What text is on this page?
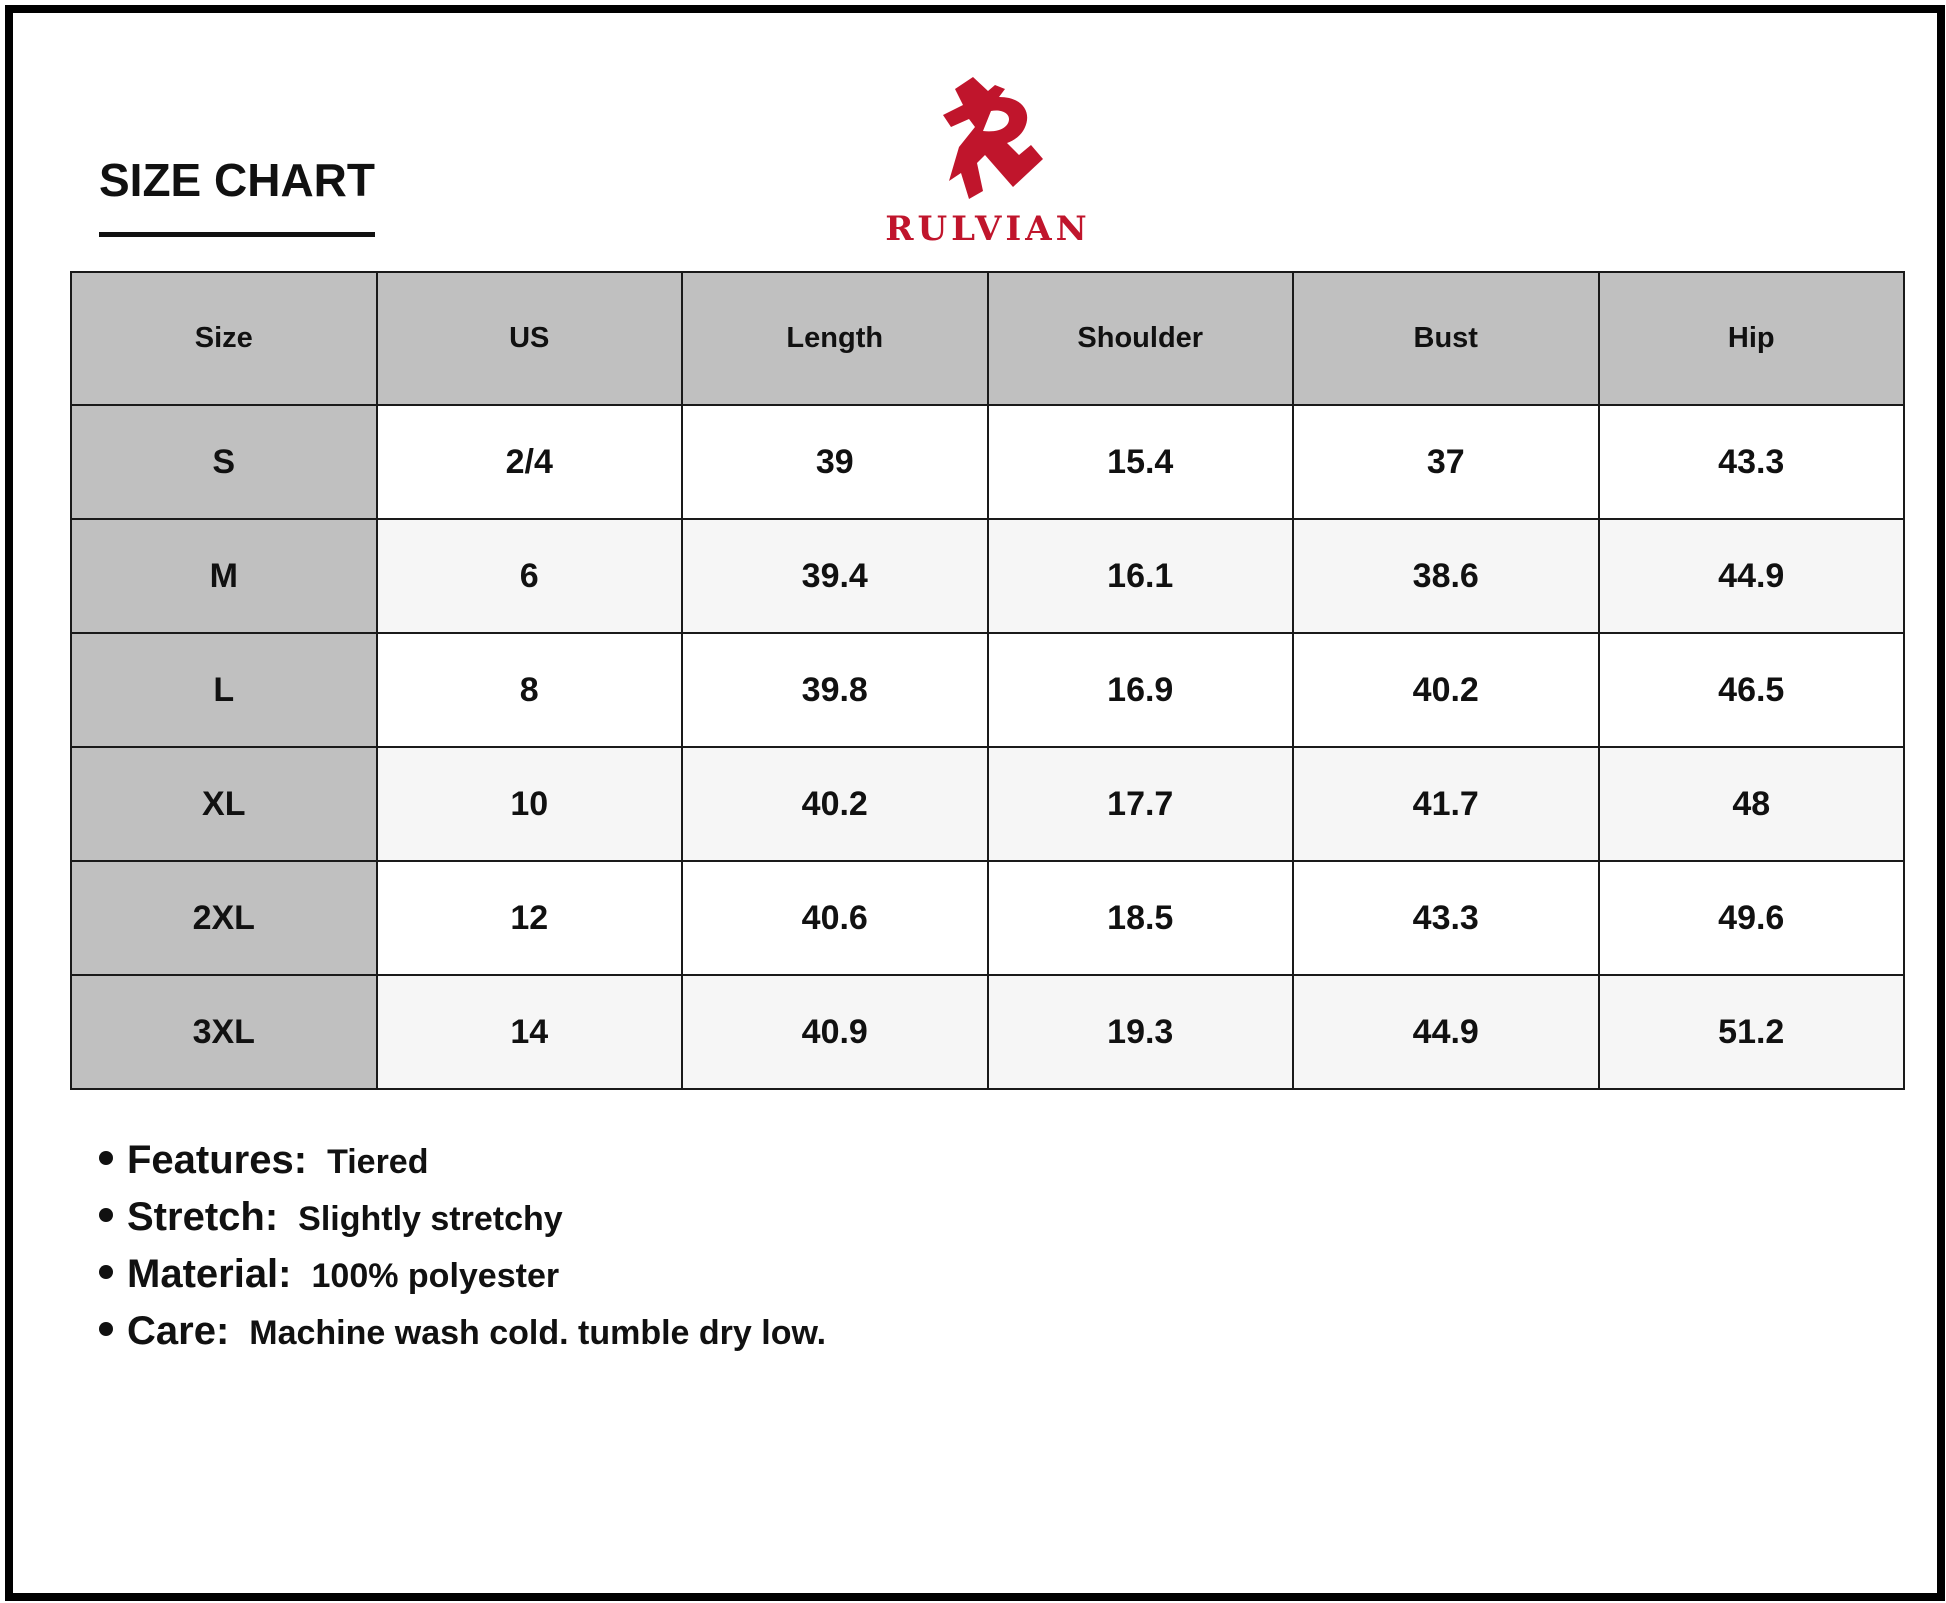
SIZE CHART
RULVIAN
Size	US	Length	Shoulder	Bust	Hip
S	2/4	39	15.4	37	43.3
M	6	39.4	16.1	38.6	44.9
L	8	39.8	16.9	40.2	46.5
XL	10	40.2	17.7	41.7	48
2XL	12	40.6	18.5	43.3	49.6
3XL	14	40.9	19.3	44.9	51.2
Features: Tiered
Stretch: Slightly stretchy
Material: 100% polyester
Care: Machine wash cold. tumble dry low.
